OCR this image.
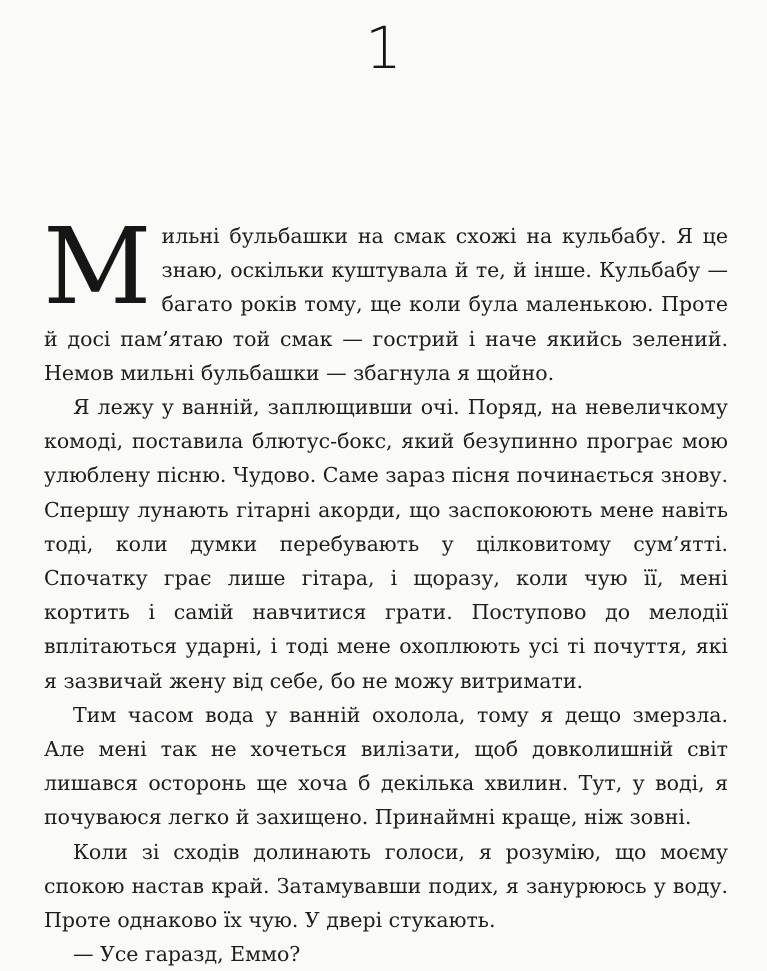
1

Мильні бульбашки на смак схожі на кульбабу. Я це знаю, оскільки куштувала й те, й інше. Кульбабу — багато років тому, ще коли була маленькою. Проте й досі пам’ятаю той смак — гострий і наче якийсь зелений. Немов мильні бульбашки — збагнула я щойно.

Я лежу у ванній, заплющивши очі. Поряд, на невеличкому комоді, поставила блютус-бокс, який безупинно програє мою улюблену пісню. Чудово. Саме зараз пісня починається знову. Спершу лунають гітарні акорди, що заспокоюють мене навіть тоді, коли думки перебувають у цілковитому сум’ятті. Спочатку грає лише гітара, і щоразу, коли чую її, мені кортить і самій навчитися грати. Поступово до мелодії вплітаються ударні, і тоді мене охоплюють усі ті почуття, які я зазвичай жену від себе, бо не можу витримати.

Тим часом вода у ванній охолола, тому я дещо змерзла. Але мені так не хочеться вилізати, щоб довколишній світ лишався осторонь ще хоча б декілька хвилин. Тут, у воді, я почуваюся легко й захищено. Принаймні краще, ніж зовні.

Коли зі сходів долинають голоси, я розумію, що моєму спокою настав край. Затамувавши подих, я занурююсь у воду. Проте однаково їх чую. У двері стукають.

— Усе гаразд, Еммо?
